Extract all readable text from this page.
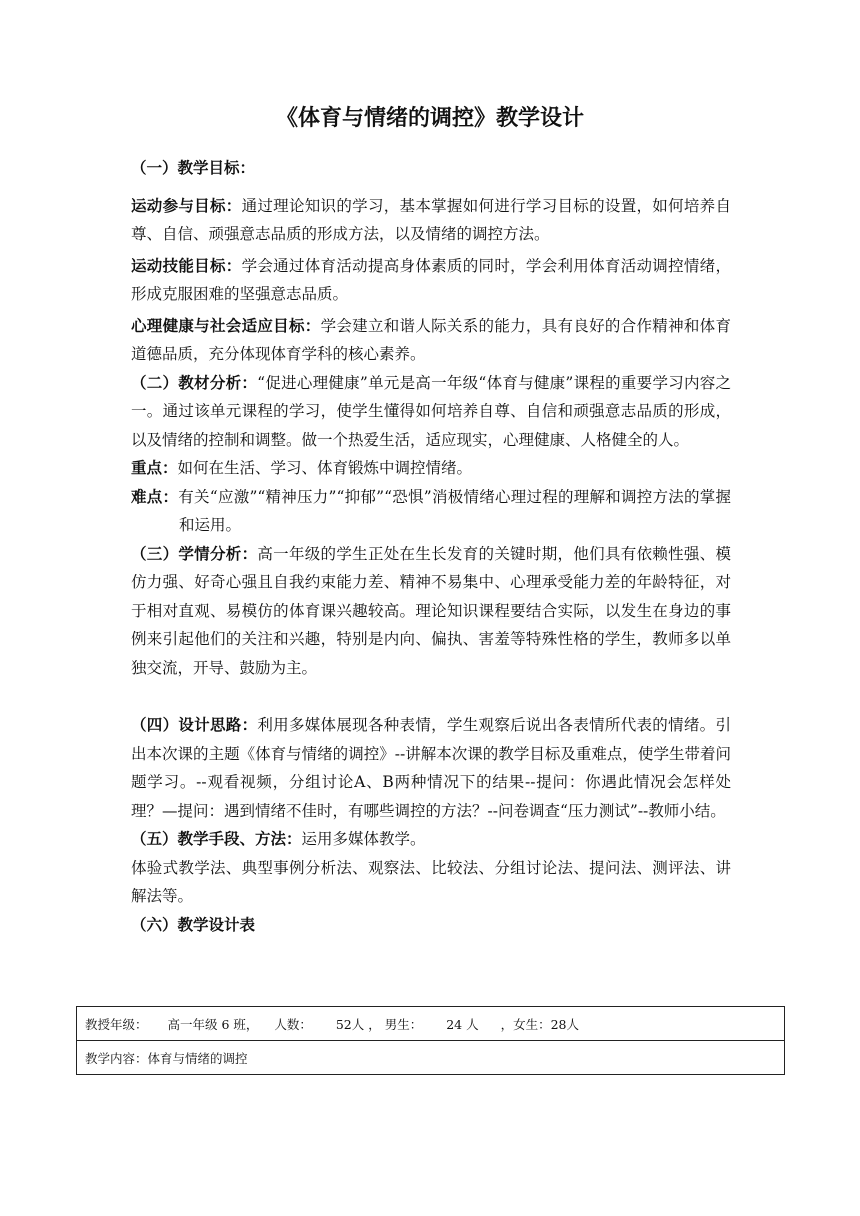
《体育与情绪的调控》教学设计

（一）教学目标：

运动参与目标：通过理论知识的学习，基本掌握如何进行学习目标的设置，如何培养自尊、自信、顽强意志品质的形成方法，以及情绪的调控方法。

运动技能目标：学会通过体育活动提高身体素质的同时，学会利用体育活动调控情绪，形成克服困难的坚强意志品质。

心理健康与社会适应目标：学会建立和谐人际关系的能力，具有良好的合作精神和体育道德品质，充分体现体育学科的核心素养。

（二）教材分析：“促进心理健康”单元是高一年级“体育与健康”课程的重要学习内容之一。通过该单元课程的学习，使学生懂得如何培养自尊、自信和顽强意志品质的形成，以及情绪的控制和调整。做一个热爱生活，适应现实，心理健康、人格健全的人。

重点：如何在生活、学习、体育锻炼中调控情绪。

难点：有关“应激”“精神压力”“抑郁”“恐惧”消极情绪心理过程的理解和调控方法的掌握和运用。

（三）学情分析：高一年级的学生正处在生长发育的关键时期，他们具有依赖性强、模仿力强、好奇心强且自我约束能力差、精神不易集中、心理承受能力差的年龄特征，对于相对直观、易模仿的体育课兴趣较高。理论知识课程要结合实际，以发生在身边的事例来引起他们的关注和兴趣，特别是内向、偏执、害羞等特殊性格的学生，教师多以单独交流，开导、鼓励为主。

（四）设计思路：利用多媒体展现各种表情，学生观察后说出各表情所代表的情绪。引出本次课的主题《体育与情绪的调控》--讲解本次课的教学目标及重难点，使学生带着问题学习。--观看视频，分组讨论A、B两种情况下的结果--提问：你遇此情况会怎样处理？—提问：遇到情绪不佳时，有哪些调控的方法？--问卷调查“压力测试”--教师小结。

（五）教学手段、方法：运用多媒体教学。

体验式教学法、典型事例分析法、观察法、比较法、分组讨论法、提问法、测评法、讲解法等。

（六）教学设计表

教授年级： 高一年级 6 班， 人数： 52人 ， 男生： 24 人 ，女生：28人
教学内容：体育与情绪的调控
